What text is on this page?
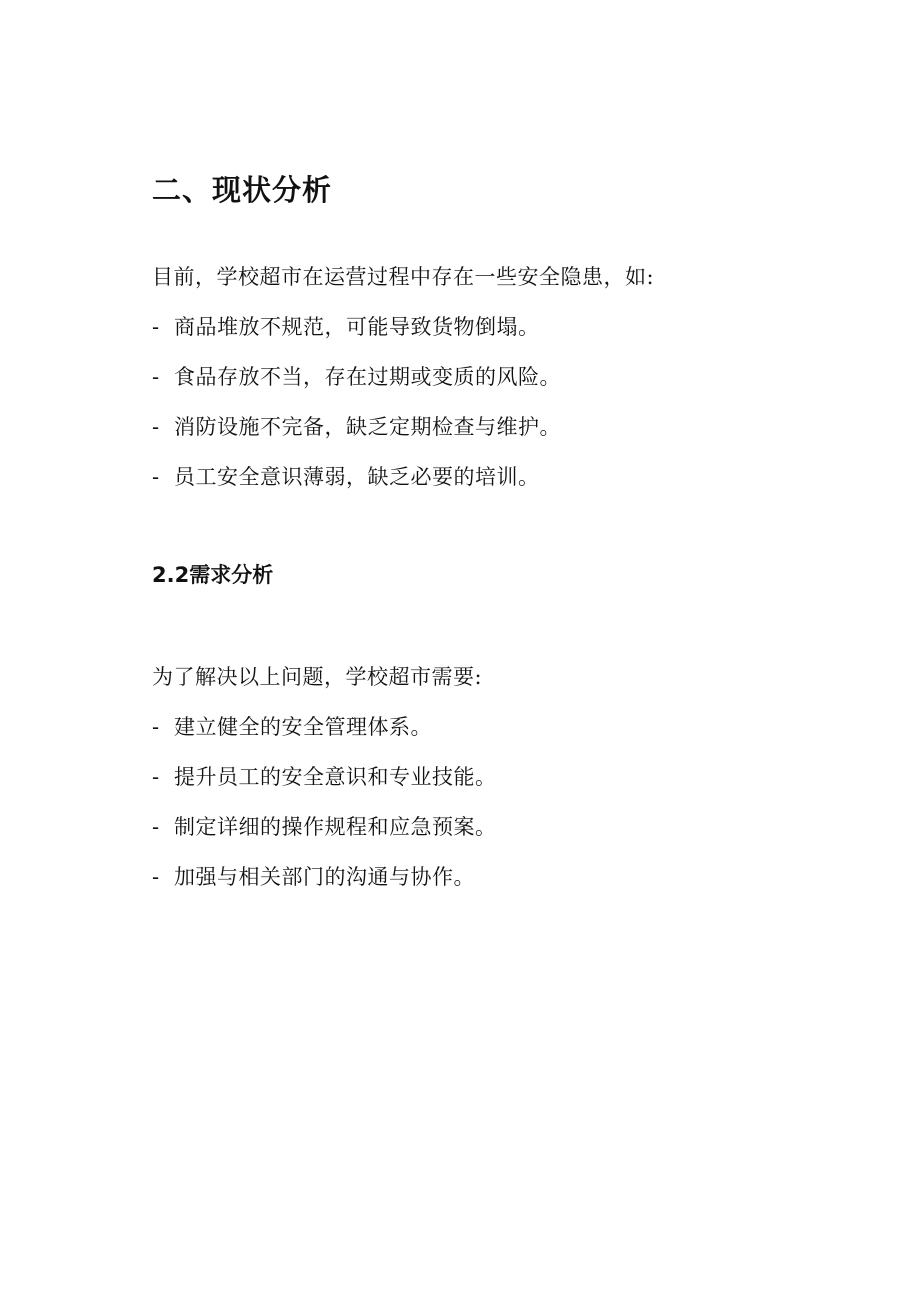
二、现状分析
目前，学校超市在运营过程中存在一些安全隐患，如:
- 商品堆放不规范，可能导致货物倒塌。
- 食品存放不当，存在过期或变质的风险。
- 消防设施不完备，缺乏定期检查与维护。
- 员工安全意识薄弱，缺乏必要的培训。
2.2需求分析
为了解决以上问题，学校超市需要:
- 建立健全的安全管理体系。
- 提升员工的安全意识和专业技能。
- 制定详细的操作规程和应急预案。
- 加强与相关部门的沟通与协作。
